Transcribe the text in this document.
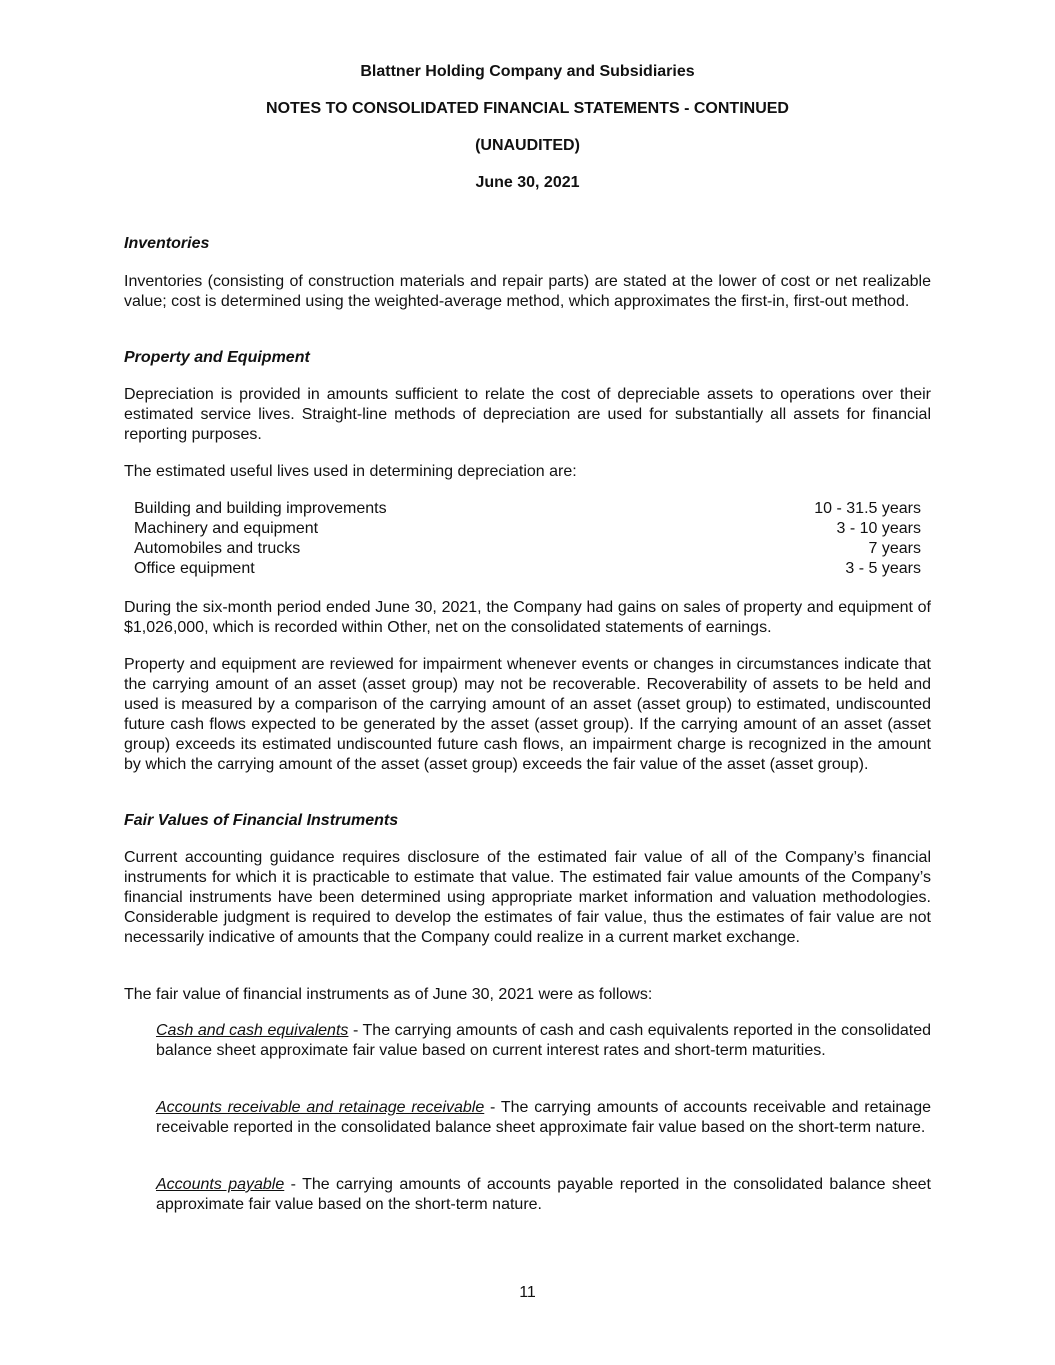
Blattner Holding Company and Subsidiaries
NOTES TO CONSOLIDATED FINANCIAL STATEMENTS - CONTINUED
(UNAUDITED)
June 30, 2021
Inventories
Inventories (consisting of construction materials and repair parts) are stated at the lower of cost or net realizable value; cost is determined using the weighted-average method, which approximates the first-in, first-out method.
Property and Equipment
Depreciation is provided in amounts sufficient to relate the cost of depreciable assets to operations over their estimated service lives. Straight-line methods of depreciation are used for substantially all assets for financial reporting purposes.
The estimated useful lives used in determining depreciation are:
Building and building improvements	10 - 31.5 years
Machinery and equipment	3 - 10 years
Automobiles and trucks	7 years
Office equipment	3 - 5 years
During the six-month period ended June 30, 2021, the Company had gains on sales of property and equipment of $1,026,000, which is recorded within Other, net on the consolidated statements of earnings.
Property and equipment are reviewed for impairment whenever events or changes in circumstances indicate that the carrying amount of an asset (asset group) may not be recoverable. Recoverability of assets to be held and used is measured by a comparison of the carrying amount of an asset (asset group) to estimated, undiscounted future cash flows expected to be generated by the asset (asset group). If the carrying amount of an asset (asset group) exceeds its estimated undiscounted future cash flows, an impairment charge is recognized in the amount by which the carrying amount of the asset (asset group) exceeds the fair value of the asset (asset group).
Fair Values of Financial Instruments
Current accounting guidance requires disclosure of the estimated fair value of all of the Company’s financial instruments for which it is practicable to estimate that value. The estimated fair value amounts of the Company’s financial instruments have been determined using appropriate market information and valuation methodologies. Considerable judgment is required to develop the estimates of fair value, thus the estimates of fair value are not necessarily indicative of amounts that the Company could realize in a current market exchange.
The fair value of financial instruments as of June 30, 2021 were as follows:
Cash and cash equivalents - The carrying amounts of cash and cash equivalents reported in the consolidated balance sheet approximate fair value based on current interest rates and short-term maturities.
Accounts receivable and retainage receivable - The carrying amounts of accounts receivable and retainage receivable reported in the consolidated balance sheet approximate fair value based on the short-term nature.
Accounts payable - The carrying amounts of accounts payable reported in the consolidated balance sheet approximate fair value based on the short-term nature.
11
